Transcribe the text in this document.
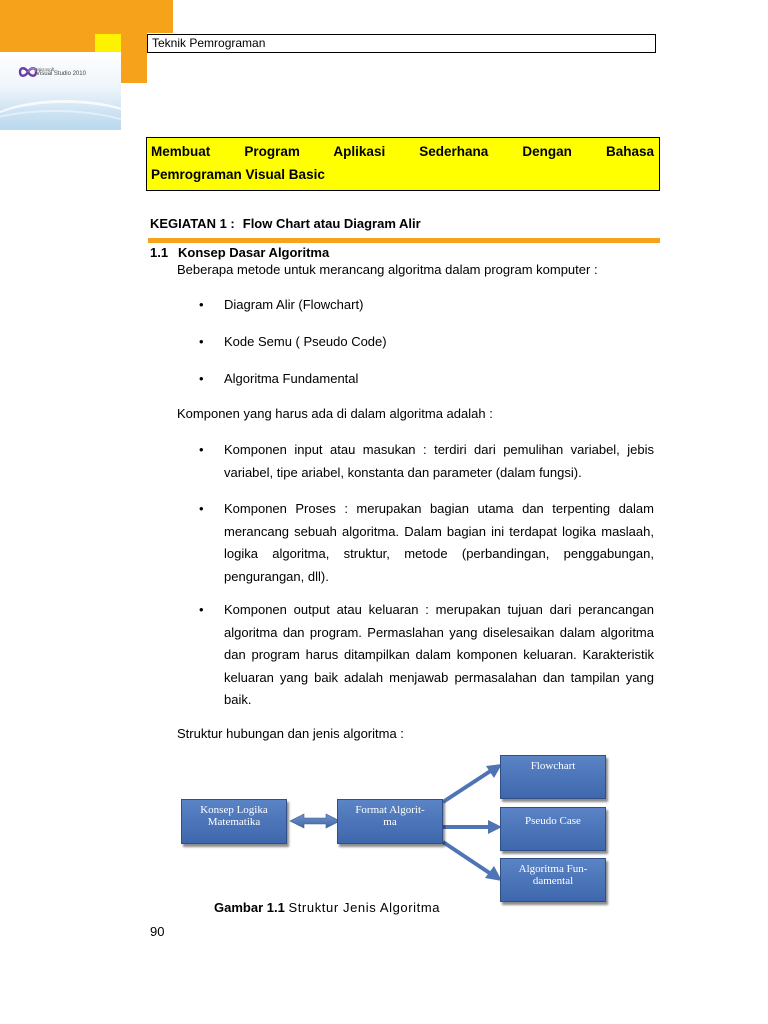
Microsoft
Visual Studio 2010
Teknik Pemrograman
Membuat Program Aplikasi Sederhana Dengan Bahasa
Pemrograman Visual Basic
KEGIATAN 1 : Flow Chart atau Diagram Alir
1.1 Konsep Dasar Algoritma
Beberapa metode untuk merancang algoritma dalam program komputer :
• Diagram Alir (Flowchart)
• Kode Semu ( Pseudo Code)
• Algoritma Fundamental
Komponen yang harus ada di dalam algoritma adalah :
• Komponen input atau masukan : terdiri dari pemulihan variabel, jebis variabel, tipe ariabel, konstanta dan parameter (dalam fungsi).
• Komponen Proses : merupakan bagian utama dan terpenting dalam merancang sebuah algoritma. Dalam bagian ini terdapat logika maslaah, logika algoritma, struktur, metode (perbandingan, penggabungan, pengurangan, dll).
• Komponen output atau keluaran : merupakan tujuan dari perancangan algoritma dan program. Permaslahan yang diselesaikan dalam algoritma dan program harus ditampilkan dalam komponen keluaran. Karakteristik keluaran yang baik adalah menjawab permasalahan dan tampilan yang baik.
Struktur hubungan dan jenis algoritma :
Konsep Logika
Matematika
Format Algorit-
ma
Flowchart
Pseudo Case
Algoritma Fun-
damental
Gambar 1.1 Struktur Jenis Algoritma
90
